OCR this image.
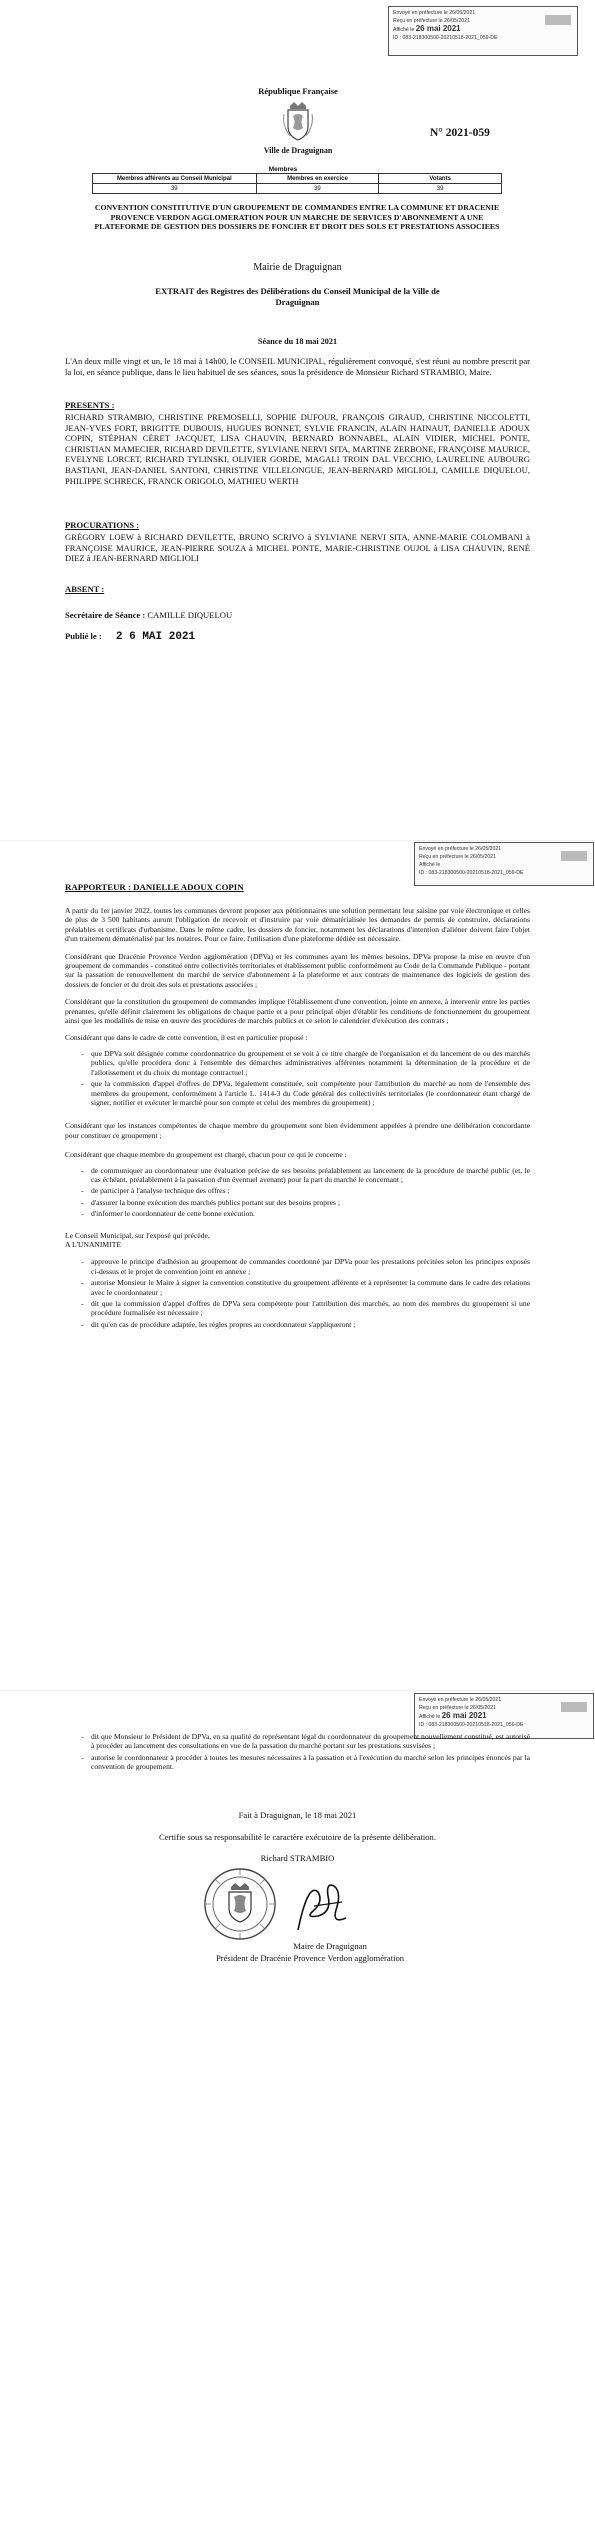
Envoyé en préfecture le 26/05/2021
Reçu en préfecture le 26/05/2021
Affiché le 26 mai 2021
ID : 083-218300500-20210518-2021_059-DE
République Française
Ville de Draguignan
N° 2021-059
Membres
Membres afférents au Conseil Municipal	Membres en exercice	Votants
39	39	39
CONVENTION CONSTITUTIVE D'UN GROUPEMENT DE COMMANDES ENTRE LA COMMUNE ET DRACENIE PROVENCE VERDON AGGLOMERATION POUR UN MARCHE DE SERVICES D'ABONNEMENT A UNE PLATEFORME DE GESTION DES DOSSIERS DE FONCIER ET DROIT DES SOLS ET PRESTATIONS ASSOCIEES
Mairie de Draguignan
EXTRAIT des Registres des Délibérations du Conseil Municipal de la Ville de Draguignan
Séance du 18 mai 2021
L'An deux mille vingt et un, le 18 mai à 14h00, le CONSEIL MUNICIPAL, régulièrement convoqué, s'est réuni au nombre prescrit par la loi, en séance publique, dans le lieu habituel de ses séances, sous la présidence de Monsieur Richard STRAMBIO, Maire.
PRESENTS :
RICHARD STRAMBIO, CHRISTINE PREMOSELLI, SOPHIE DUFOUR, FRANÇOIS GIRAUD, CHRISTINE NICCOLETTI, JEAN-YVES FORT, BRIGITTE DUBOUIS, HUGUES BONNET, SYLVIE FRANCIN, ALAIN HAINAUT, DANIELLE ADOUX COPIN, STÉPHAN CÉRET JACQUET, LISA CHAUVIN, BERNARD BONNABEL, ALAIN VIDIER, MICHEL PONTE, CHRISTIAN MAMECIER, RICHARD DEVILETTE, SYLVIANE NERVI SITA, MARTINE ZERBONE, FRANÇOISE MAURICE, EVELYNE LORCET, RICHARD TYLINSKI, OLIVIER GORDE, MAGALI TROIN DAL VECCHIO, LAURELINE AUBOURG BASTIANI, JEAN-DANIEL SANTONI, CHRISTINE VILLELONGUE, JEAN-BERNARD MIGLIOLI, CAMILLE DIQUELOU, PHILIPPE SCHRECK, FRANCK ORIGOLO, MATHIEU WERTH
PROCURATIONS :
GRÉGORY LOEW à RICHARD DEVILETTE, BRUNO SCRIVO à SYLVIANE NERVI SITA, ANNE-MARIE COLOMBANI à FRANÇOISE MAURICE, JEAN-PIERRE SOUZA à MICHEL PONTE, MARIE-CHRISTINE OUJOL à LISA CHAUVIN, RENÉ DIEZ à JEAN-BERNARD MIGLIOLI
ABSENT :
Secrétaire de Séance : CAMILLE DIQUELOU
Publié le : 2 6 MAI 2021
Envoyé en préfecture le 26/05/2021
Reçu en préfecture le 26/05/2021
Affiché le
ID : 083-218300500-20210518-2021_059-DE
RAPPORTEUR : DANIELLE ADOUX COPIN
A partir du 1er janvier 2022, toutes les communes devront proposer aux pétitionnaires une solution permettant leur saisine par voie électronique et celles de plus de 3 500 habitants auront l'obligation de recevoir et d'instruire par voie dématérialisée les demandes de permis de construire, déclarations préalables et certificats d'urbanisme. Dans le même cadre, les dossiers de foncier, notamment les déclarations d'intention d'aliéner doivent faire l'objet d'un traitement dématérialisé par les notaires. Pour ce faire, l'utilisation d'une plateforme dédiée est nécessaire.
Considérant que Dracénie Provence Verdon agglomération (DPVa) et les communes ayant les mêmes besoins, DPVa propose la mise en œuvre d'un groupement de commandes - constitué entre collectivités territoriales et établissement public conformément au Code de la Commande Publique - portant sur la passation de renouvellement du marché de service d'abonnement à la plateforme et aux contrats de maintenance des logiciels de gestion des dossiers de foncier et du droit des sols et prestations associées ;
Considérant que la constitution du groupement de commandes implique l'établissement d'une convention, jointe en annexe, à intervenir entre les parties prenantes, qu'elle définit clairement les obligations de chaque partie et a pour principal objet d'établir les conditions de fonctionnement du groupement ainsi que les modalités de mise en œuvre des procédures de marchés publics et ce selon le calendrier d'exécution des contrats ;
Considérant que dans le cadre de cette convention, il est en particulier proposé :
- que DPVa soit désignée comme coordonnatrice du groupement et se voit à ce titre chargée de l'organisation et du lancement de ou des marchés publics, qu'elle procédera donc à l'ensemble des démarches administratives afférentes notamment la détermination de la procédure et de l'allotissement et du choix du montage contractuel ;
- que la commission d'appel d'offres de DPVa, légalement constituée, soit compétente pour l'attribution du marché au nom de l'ensemble des membres du groupement, conformément à l'article L. 1414-3 du Code général des collectivités territoriales (le coordonnateur étant chargé de signer, notifier et exécuter le marché pour son compte et celui des membres du groupement) ;
Considérant que les instances compétentes de chaque membre du groupement sont bien évidemment appelées à prendre une délibération concordante pour constituer ce groupement ;
Considérant que chaque membre du groupement est chargé, chacun pour ce qui le concerne :
- de communiquer au coordonnateur une évaluation précise de ses besoins préalablement au lancement de la procédure de marché public (et, le cas échéant, préalablement à la passation d'un éventuel avenant) pour la part du marché le concernant ;
- de participer à l'analyse technique des offres ;
- d'assurer la bonne exécution des marchés publics portant sur des besoins propres ;
- d'informer le coordonnateur de cette bonne exécution.
Le Conseil Municipal, sur l'exposé qui précède,
A L'UNANIMITE
- approuve le principe d'adhésion au groupement de commandes coordonné par DPVa pour les prestations précitées selon les principes exposés ci-dessus et le projet de convention joint en annexe ;
- autorise Monsieur le Maire à signer la convention constitutive du groupement afférente et à représenter la commune dans le cadre des relations avec le coordonnateur ;
- dit que la commission d'appel d'offres de DPVa sera compétente pour l'attribution des marchés, au nom des membres du groupement si une procédure formalisée est nécessaire ;
- dit qu'en cas de procédure adaptée, les règles propres au coordonnateur s'appliqueront ;
Envoyé en préfecture le 26/05/2021
Reçu en préfecture le 26/05/2021
Affiché le 26 mai 2021
ID : 083-218300500-20210518-2021_059-DE
- dit que Monsieur le Président de DPVa, en sa qualité de représentant légal du coordonnateur du groupement nouvellement constitué, est autorisé à procéder au lancement des consultations en vue de la passation du marché portant sur les prestations susvisées ;
- autorise le coordonnateur à procéder à toutes les mesures nécessaires à la passation et à l'exécution du marché selon les principes énoncés par la convention de groupement.
Fait à Draguignan, le 18 mai 2021
Certifie sous sa responsabilité le caractère exécutoire de la présente délibération.
Richard STRAMBIO
Maire de Draguignan
Président de Dracénie Provence Verdon agglomération
